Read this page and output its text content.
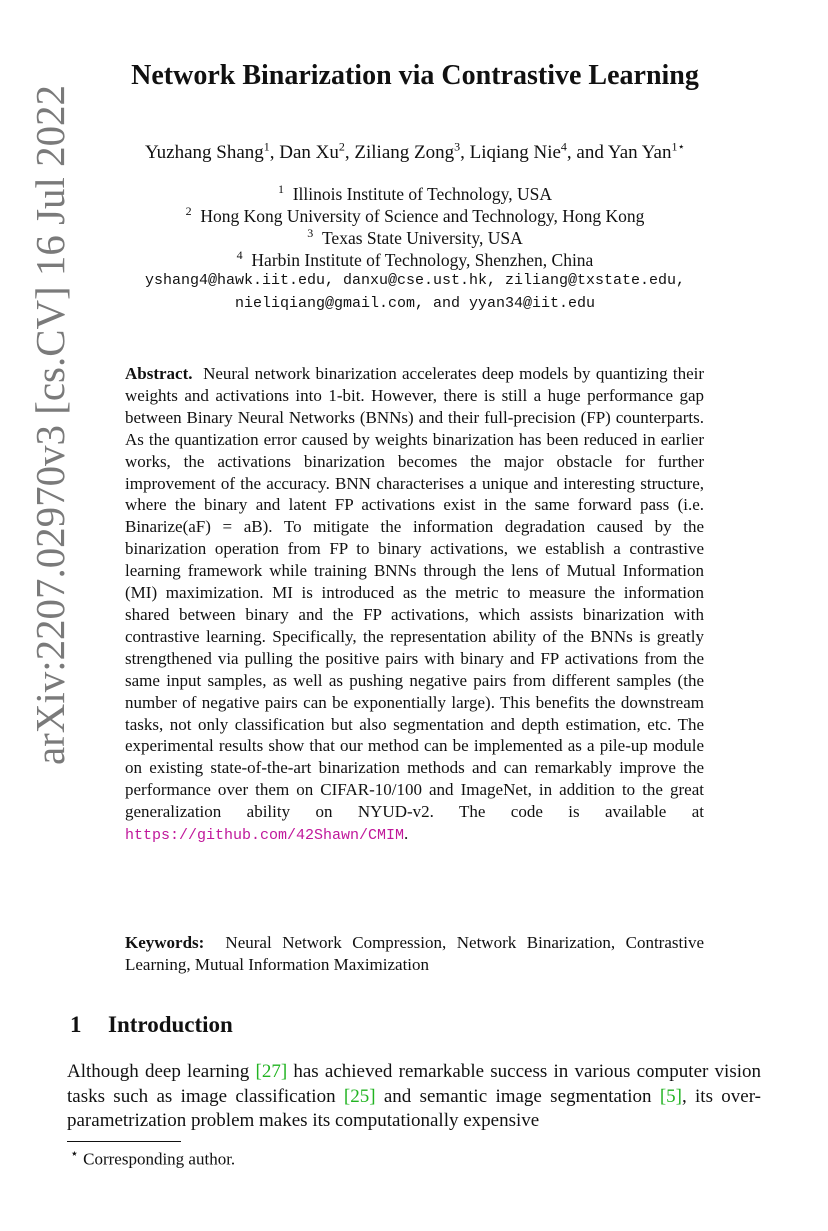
arXiv:2207.02970v3 [cs.CV] 16 Jul 2022
Network Binarization via Contrastive Learning
Yuzhang Shang$^1$, Dan Xu$^2$, Ziliang Zong$^3$, Liqiang Nie$^4$, and Yan Yan$^{1⋆}$
$^1$ Illinois Institute of Technology, USA
$^2$ Hong Kong University of Science and Technology, Hong Kong
$^3$ Texas State University, USA
$^4$ Harbin Institute of Technology, Shenzhen, China
yshang4@hawk.iit.edu, danxu@cse.ust.hk, ziliang@txstate.edu,
nieliqiang@gmail.com, and yyan34@iit.edu
Abstract. Neural network binarization accelerates deep models by quantizing their weights and activations into 1-bit. However, there is still a huge performance gap between Binary Neural Networks (BNNs) and their full-precision (FP) counterparts. As the quantization error caused by weights binarization has been reduced in earlier works, the activations binarization becomes the major obstacle for further improvement of the accuracy. BNN characterises a unique and interesting structure, where the binary and latent FP activations exist in the same forward pass (i.e. Binarize(aF) = aB). To mitigate the information degradation caused by the binarization operation from FP to binary activations, we establish a contrastive learning framework while training BNNs through the lens of Mutual Information (MI) maximization. MI is introduced as the metric to measure the information shared between binary and the FP activations, which assists binarization with contrastive learning. Specifically, the representation ability of the BNNs is greatly strengthened via pulling the positive pairs with binary and FP activations from the same input samples, as well as pushing negative pairs from different samples (the number of negative pairs can be exponentially large). This benefits the downstream tasks, not only classification but also segmentation and depth estimation, etc. The experimental results show that our method can be implemented as a pile-up module on existing state-of-the-art binarization methods and can remarkably improve the performance over them on CIFAR-10/100 and ImageNet, in addition to the great generalization ability on NYUD-v2. The code is available at https://github.com/42Shawn/CMIM.
Keywords: Neural Network Compression, Network Binarization, Contrastive Learning, Mutual Information Maximization
1 Introduction
Although deep learning [27] has achieved remarkable success in various computer vision tasks such as image classification [25] and semantic image segmentation [5], its over-parametrization problem makes its computationally expensive
⋆ Corresponding author.
